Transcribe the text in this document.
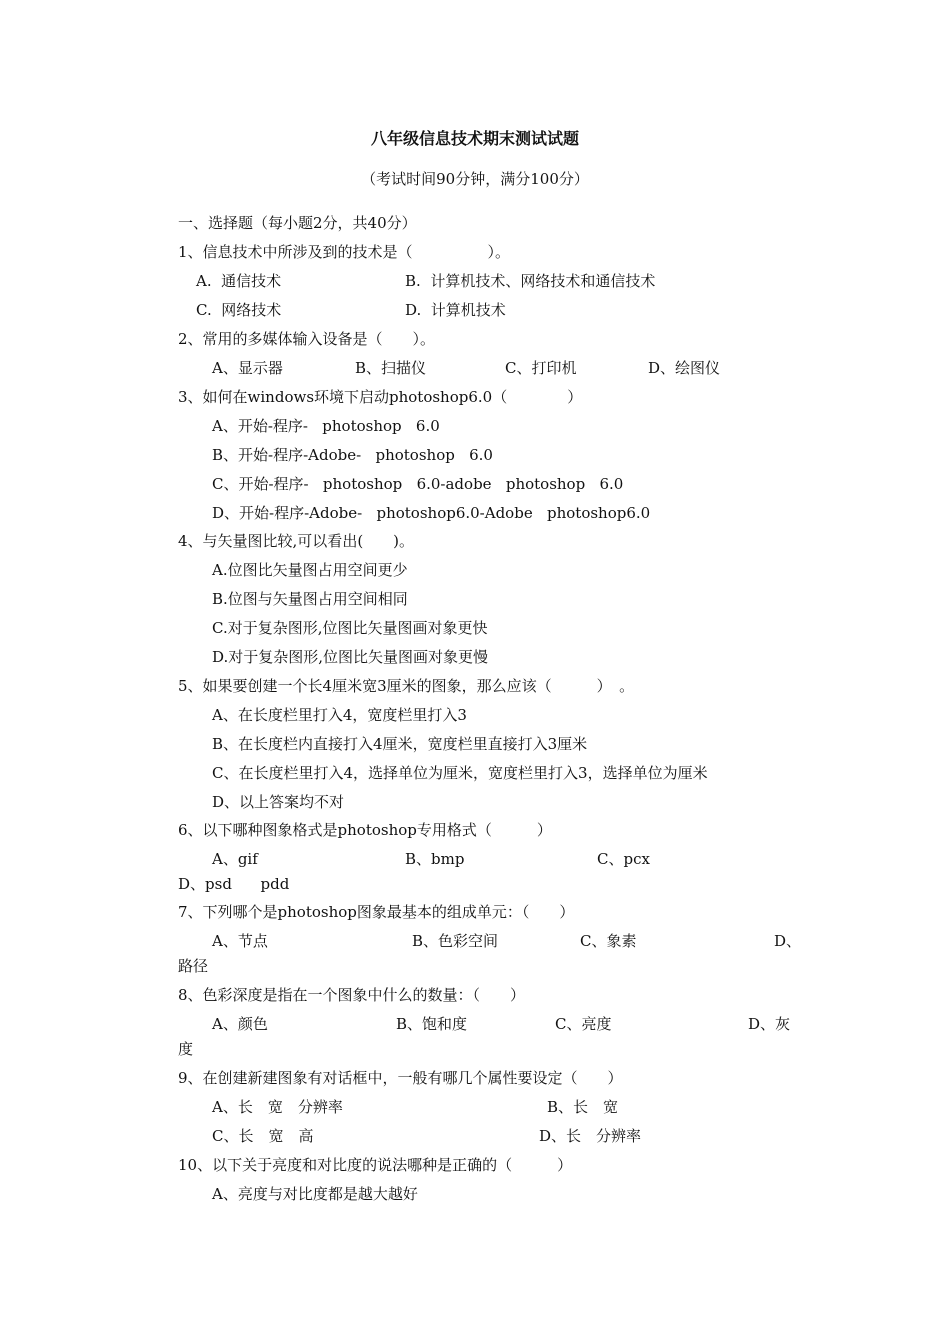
八年级信息技术期末测试试题
（考试时间90分钟，满分100分）
一、选择题（每小题2分，共40分）
1、信息技术中所涉及到的技术是（　　　　　）。
A.  通信技术	B.  计算机技术、网络技术和通信技术
C.  网络技术	D.  计算机技术
2、常用的多媒体输入设备是（　　）。
A、显示器	B、扫描仪	C、打印机	D、绘图仪
3、如何在windows环境下启动photoshop6.0（　　　　）
A、开始-程序-   photoshop   6.0
B、开始-程序-Adobe-   photoshop   6.0
C、开始-程序-   photoshop   6.0-adobe   photoshop   6.0
D、开始-程序-Adobe-   photoshop6.0-Adobe   photoshop6.0
4、与矢量图比较,可以看出(　　)。
A.位图比矢量图占用空间更少
B.位图与矢量图占用空间相同
C.对于复杂图形,位图比矢量图画对象更快
D.对于复杂图形,位图比矢量图画对象更慢
5、如果要创建一个长4厘米宽3厘米的图象，那么应该（　　　）　。
A、在长度栏里打入4，宽度栏里打入3
B、在长度栏内直接打入4厘米，宽度栏里直接打入3厘米
C、在长度栏里打入4，选择单位为厘米，宽度栏里打入3，选择单位为厘米
D、以上答案均不对
6、以下哪种图象格式是photoshop专用格式（　　　）
A、gif	B、bmp	C、pcx
D、psd      pdd
7、下列哪个是photoshop图象最基本的组成单元：（　　）
A、节点	B、色彩空间	C、象素	D、
路径
8、色彩深度是指在一个图象中什么的数量：（　　）
A、颜色	B、饱和度	C、亮度	D、灰
度
9、在创建新建图象有对话框中，一般有哪几个属性要设定（　　）
A、长　宽　分辨率	B、长　宽
C、长　宽　高	D、长　分辨率
10、以下关于亮度和对比度的说法哪种是正确的（　　　）
A、亮度与对比度都是越大越好
